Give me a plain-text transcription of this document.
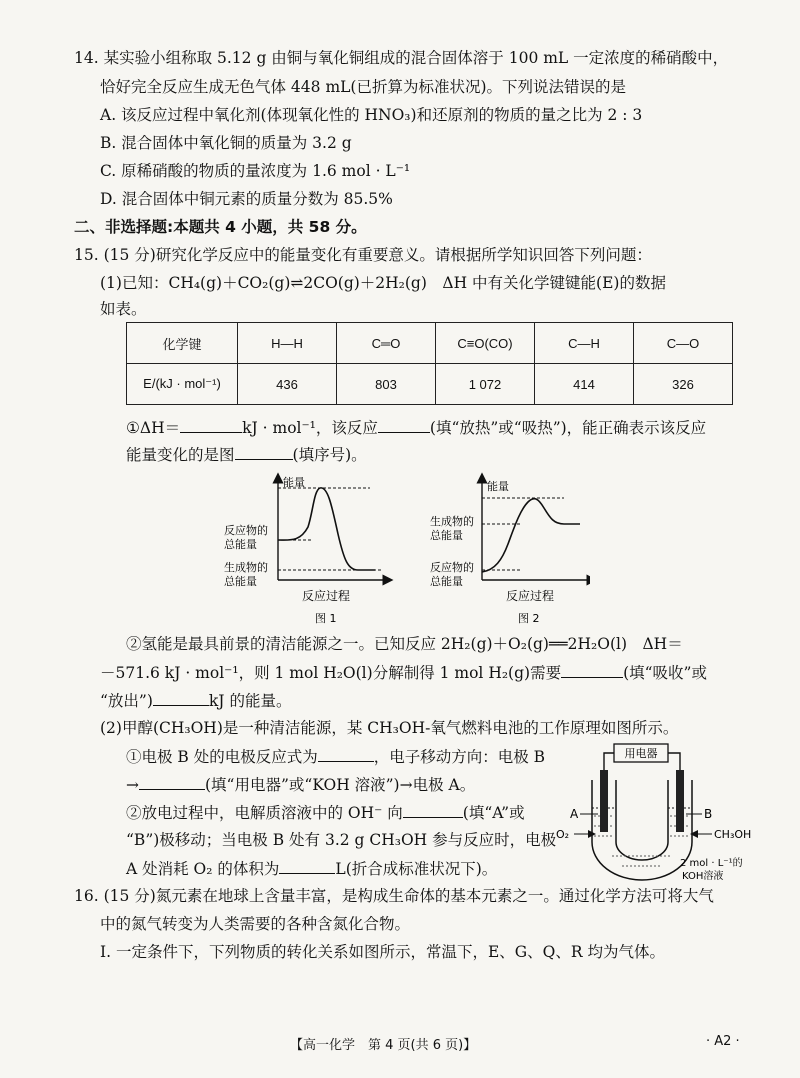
14. 某实验小组称取 5.12 g 由铜与氧化铜组成的混合固体溶于 100 mL 一定浓度的稀硝酸中，
恰好完全反应生成无色气体 448 mL(已折算为标准状况)。下列说法错误的是
A. 该反应过程中氧化剂(体现氧化性的 HNO₃)和还原剂的物质的量之比为 2 : 3
B. 混合固体中氧化铜的质量为 3.2 g
C. 原稀硝酸的物质的量浓度为 1.6 mol · L⁻¹
D. 混合固体中铜元素的质量分数为 85.5%
二、非选择题:本题共 4 小题，共 58 分。
15. (15 分)研究化学反应中的能量变化有重要意义。请根据所学知识回答下列问题：
(1)已知：CH₄(g)＋CO₂(g)⇌2CO(g)＋2H₂(g)　ΔH 中有关化学键键能(E)的数据
如表。
化学键	H—H	C═O	C≡O(CO)	C—H	C—O
E/(kJ · mol⁻¹)	436	803	1 072	414	326
①ΔH＝	kJ · mol⁻¹，该反应	(填“放热”或“吸热”)，能正确表示该反应
能量变化的是图	(填序号)。
能量
反应物的
总能量
生成物的
总能量
反应过程
图 1
能量
生成物的
总能量
反应物的
总能量
反应过程
图 2
②氢能是最具前景的清洁能源之一。已知反应 2H₂(g)＋O₂(g)══2H₂O(l)　ΔH＝
－571.6 kJ · mol⁻¹，则 1 mol H₂O(l)分解制得 1 mol H₂(g)需要	(填“吸收”或
“放出”)	kJ 的能量。
(2)甲醇(CH₃OH)是一种清洁能源，某 CH₃OH-氧气燃料电池的工作原理如图所示。
①电极 B 处的电极反应式为	，电子移动方向：电极 B
→	(填“用电器”或“KOH 溶液”)→电极 A。
②放电过程中，电解质溶液中的 OH⁻ 向	(填“A”或
“B”)极移动；当电极 B 处有 3.2 g CH₃OH 参与反应时，电极
A 处消耗 O₂ 的体积为	L(折合成标准状况下)。
用电器
A	B
O₂	CH₃OH
2 mol · L⁻¹的
KOH溶液
16. (15 分)氮元素在地球上含量丰富，是构成生命体的基本元素之一。通过化学方法可将大气
中的氮气转变为人类需要的各种含氮化合物。
Ⅰ. 一定条件下，下列物质的转化关系如图所示，常温下，E、G、Q、R 均为气体。
【高一化学　第 4 页(共 6 页)】	· A2 ·
